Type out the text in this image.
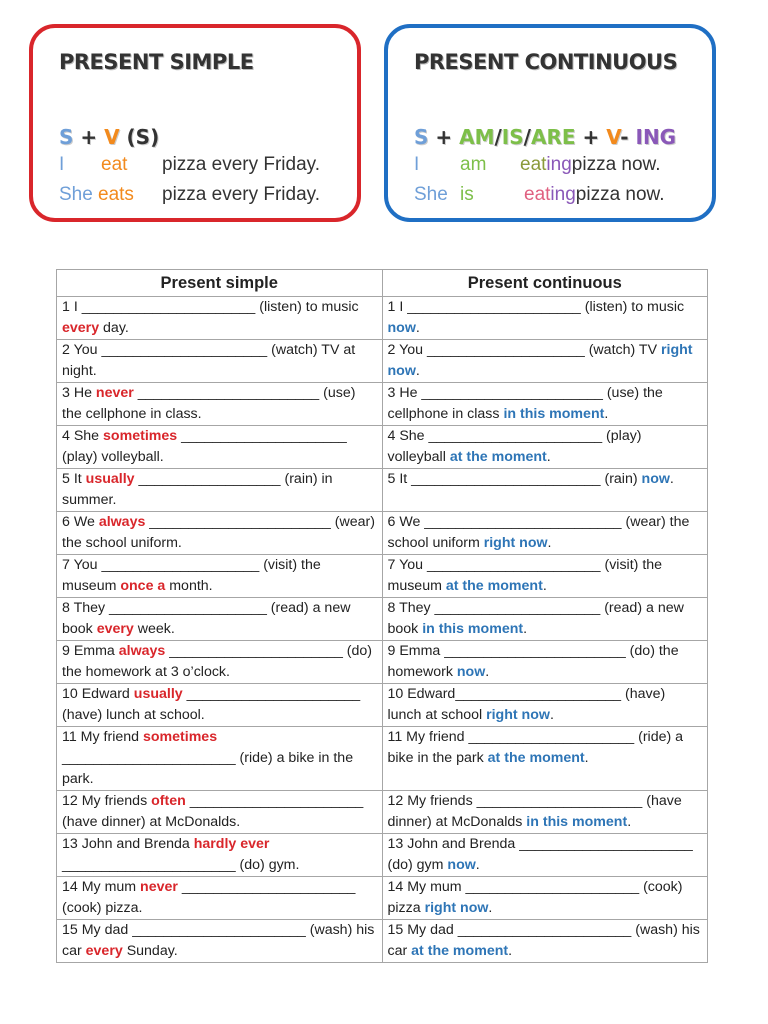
PRESENT SIMPLE
S + V (S)
I eat pizza every Friday.
She eats pizza every Friday.
PRESENT CONTINUOUS
S + AM/IS/ARE + V- ING
I am eatingpizza now.
She is	eatingpizza now.
Present simple	Present continuous
1 I ______________________ (listen) to music every day.	1 I ______________________ (listen) to music now.
2 You _____________________ (watch) TV at night.	2 You ____________________ (watch) TV right now.
3 He never _______________________ (use) the cellphone in class.	3 He _______________________ (use) the cellphone in class in this moment.
4 She sometimes _____________________ (play) volleyball.	4 She ______________________ (play) volleyball at the moment.
5 It usually __________________ (rain) in summer.	5 It ________________________ (rain) now.
6 We always _______________________ (wear) the school uniform.	6 We _________________________ (wear) the school uniform right now.
7 You ____________________ (visit) the museum once a month.	7 You ______________________ (visit) the museum at the moment.
8 They ____________________ (read) a new book every week.	8 They _____________________ (read) a new book in this moment.
9 Emma always ______________________ (do) the homework at 3 o’clock.	9 Emma _______________________ (do) the homework now.
10 Edward usually ______________________ (have) lunch at school.	10 Edward_____________________ (have) lunch at school right now.
11 My friend sometimes ______________________ (ride) a bike in the park.	11 My friend _____________________ (ride) a bike in the park at the moment.
12 My friends often ______________________ (have dinner) at McDonalds.	12 My friends _____________________ (have dinner) at McDonalds in this moment.
13 John and Brenda hardly ever ______________________ (do) gym.	13 John and Brenda ______________________ (do) gym now.
14 My mum never ______________________ (cook) pizza.	14 My mum ______________________ (cook) pizza right now.
15 My dad ______________________ (wash) his car every Sunday.	15 My dad ______________________ (wash) his car at the moment.
